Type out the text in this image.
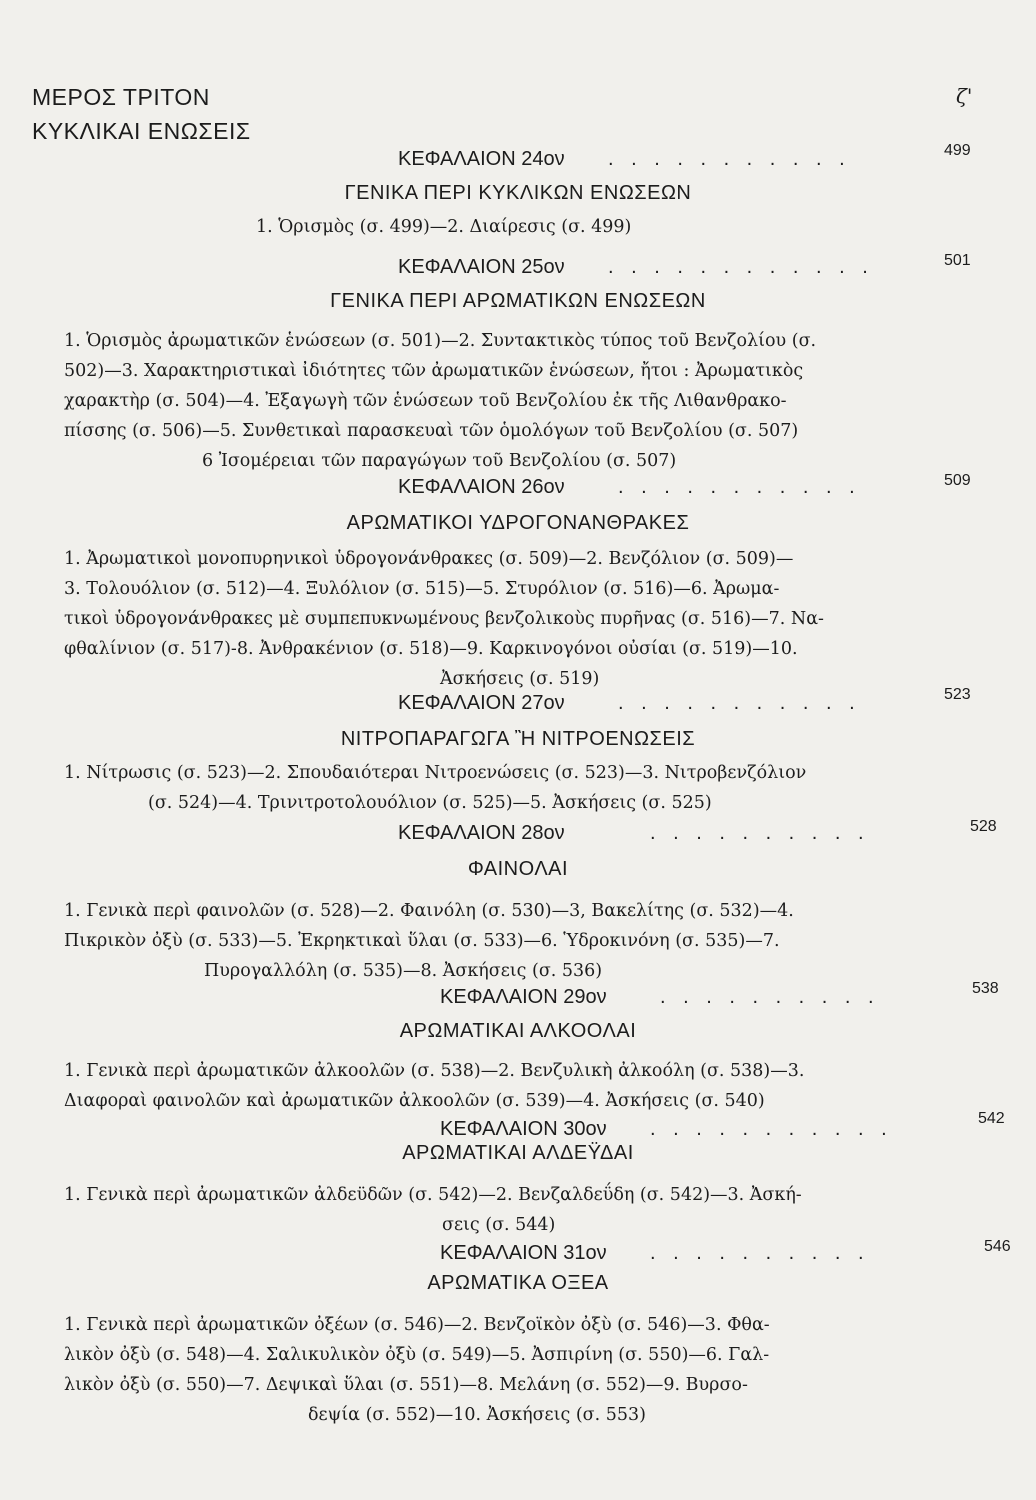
ζ'
ΜΕΡΟΣ ΤΡΙΤΟΝ
ΚΥΚΛΙΚΑΙ ΕΝΩΣΕΙΣ
ΚΕΦΑΛΑΙΟΝ 24ον . . . . . . . . . . .	499
ΓΕΝΙΚΑ ΠΕΡΙ ΚΥΚΛΙΚΩΝ ΕΝΩΣΕΩΝ
1. Ὁρισμὸς (σ. 499)—2. Διαίρεσις (σ. 499)
ΚΕΦΑΛΑΙΟΝ 25ον . . . . . . . . . . . .	501
ΓΕΝΙΚΑ ΠΕΡΙ ΑΡΩΜΑΤΙΚΩΝ ΕΝΩΣΕΩΝ
1. Ὁρισμὸς ἀρωματικῶν ἑνώσεων (σ. 501)—2. Συντακτικὸς τύπος τοῦ Βενζολίου (σ.
502)—3. Χαρακτηριστικαὶ ἰδιότητες τῶν ἀρωματικῶν ἑνώσεων, ἤτοι : Ἀρωματικὸς
χαρακτὴρ (σ. 504)—4. Ἐξαγωγὴ τῶν ἑνώσεων τοῦ Βενζολίου ἐκ τῆς Λιθανθρακο-
πίσσης (σ. 506)—5. Συνθετικαὶ παρασκευαὶ τῶν ὁμολόγων τοῦ Βενζολίου (σ. 507)
6 Ἰσομέρειαι τῶν παραγώγων τοῦ Βενζολίου (σ. 507)
ΚΕΦΑΛΑΙΟΝ 26ον	. . . . . . . . . . .	509
ΑΡΩΜΑΤΙΚΟΙ ΥΔΡΟΓΟΝΑΝΘΡΑΚΕΣ
1. Ἀρωματικοὶ μονοπυρηνικοὶ ὑδρογονάνθρακες (σ. 509)—2. Βενζόλιον (σ. 509)—
3. Τολουόλιον (σ. 512)—4. Ξυλόλιον (σ. 515)—5. Στυρόλιον (σ. 516)—6. Ἀρωμα-
τικοὶ ὑδρογονάνθρακες μὲ συμπεπυκνωμένους βενζολικοὺς πυρῆνας (σ. 516)—7. Να-
φθαλίνιον (σ. 517)-8. Ἀνθρακένιον (σ. 518)—9. Καρκινογόνοι οὐσίαι (σ. 519)—10.
Ἀσκήσεις (σ. 519)
ΚΕΦΑΛΑΙΟΝ 27ον	. . . . . . . . . . .	523
ΝΙΤΡΟΠΑΡΑΓΩΓΑ Ἢ ΝΙΤΡΟΕΝΩΣΕΙΣ
1. Νίτρωσις (σ. 523)—2. Σπουδαιότεραι Νιτροενώσεις (σ. 523)—3. Νιτροβενζόλιον
(σ. 524)—4. Τρινιτροτολουόλιον (σ. 525)—5. Ἀσκήσεις (σ. 525)
ΚΕΦΑΛΑΙΟΝ 28ον	. . . . . . . . . .	528
ΦΑΙΝΟΛΑΙ
1. Γενικὰ περὶ φαινολῶν (σ. 528)—2. Φαινόλη (σ. 530)—3, Βακελίτης (σ. 532)—4.
Πικρικὸν ὀξὺ (σ. 533)—5. Ἐκρηκτικαὶ ὕλαι (σ. 533)—6. Ὑδροκινόνη (σ. 535)—7.
Πυρογαλλόλη (σ. 535)—8. Ἀσκήσεις (σ. 536)
ΚΕΦΑΛΑΙΟΝ 29ον	. . . . . . . . . .	538
ΑΡΩΜΑΤΙΚΑΙ ΑΛΚΟΟΛΑΙ
1. Γενικὰ περὶ ἀρωματικῶν ἀλκοολῶν (σ. 538)—2. Βενζυλικὴ ἀλκοόλη (σ. 538)—3.
Διαφοραὶ φαινολῶν καὶ ἀρωματικῶν ἀλκοολῶν (σ. 539)—4. Ἀσκήσεις (σ. 540)
ΚΕΦΑΛΑΙΟΝ 30ον . . . . . . . . . . .	542
ΑΡΩΜΑΤΙΚΑΙ ΑΛΔΕΫΔΑΙ
1. Γενικὰ περὶ ἀρωματικῶν ἀλδεϋδῶν (σ. 542)—2. Βενζαλδεΰδη (σ. 542)—3. Ἀσκή-
σεις (σ. 544)
ΚΕΦΑΛΑΙΟΝ 31ον . . . . . . . . . .	546
ΑΡΩΜΑΤΙΚΑ ΟΞΕΑ
1. Γενικὰ περὶ ἀρωματικῶν ὀξέων (σ. 546)—2. Βενζοϊκὸν ὀξὺ (σ. 546)—3. Φθα-
λικὸν ὀξὺ (σ. 548)—4. Σαλικυλικὸν ὀξὺ (σ. 549)—5. Ἀσπιρίνη (σ. 550)—6. Γαλ-
λικὸν ὀξὺ (σ. 550)—7. Δεψικαὶ ὕλαι (σ. 551)—8. Μελάνη (σ. 552)—9. Βυρσο-
δεψία (σ. 552)—10. Ἀσκήσεις (σ. 553)
